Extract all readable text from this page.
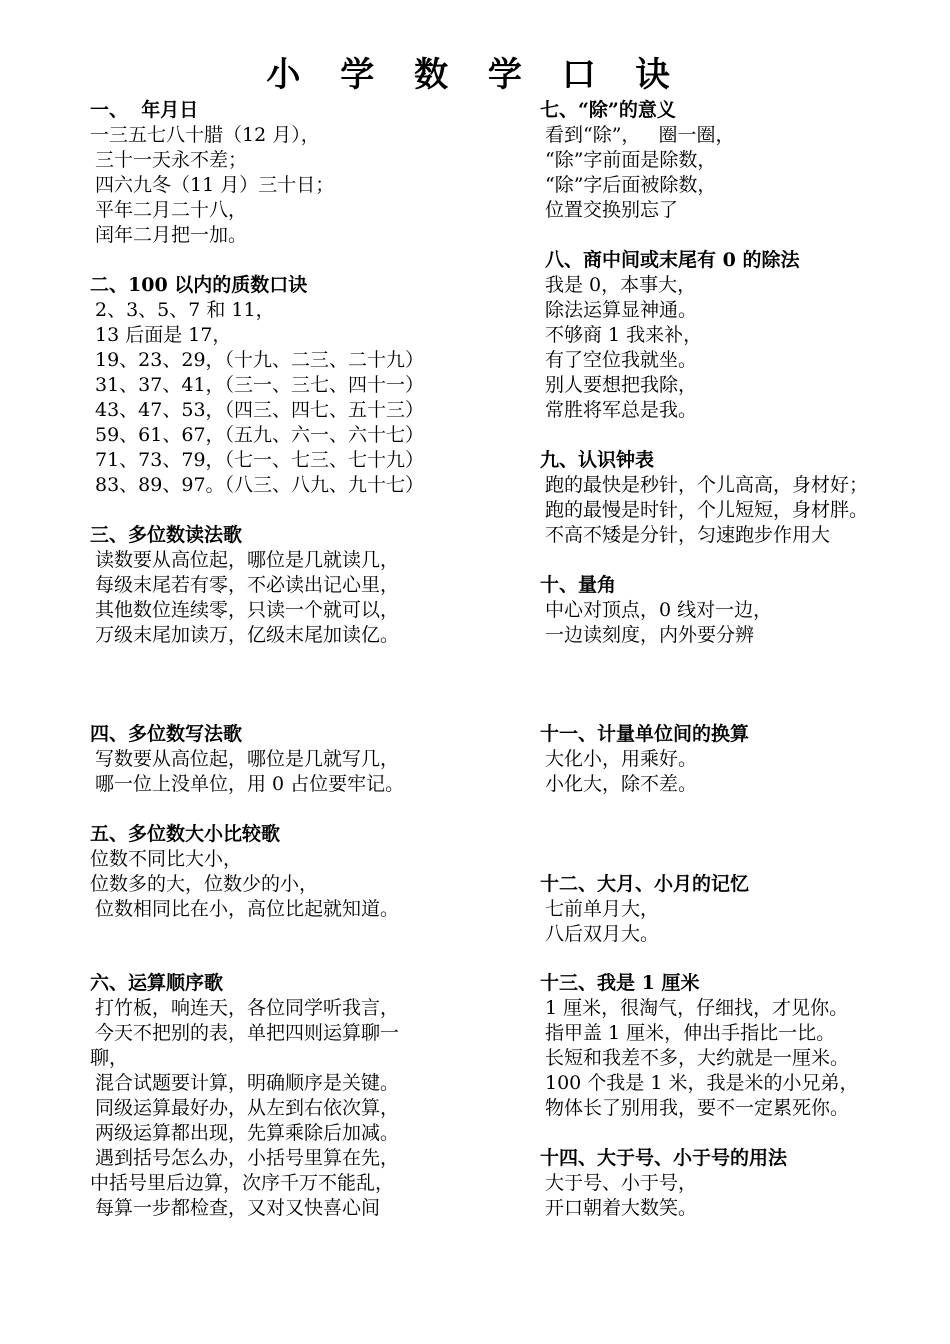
小 学 数 学 口 诀
一、  年月日
一三五七八十腊（12 月），
三十一天永不差；
四六九冬（11 月）三十日；
平年二月二十八，
闰年二月把一加。
二、100 以内的质数口诀
2、3、5、7 和 11，
13 后面是 17，
19、23、29，（十九、二三、二十九）
31、37、41，（三一、三七、四十一）
43、47、53，（四三、四七、五十三）
59、61、67，（五九、六一、六十七）
71、73、79，（七一、七三、七十九）
83、89、97。（八三、八九、九十七）
三、多位数读法歌
读数要从高位起，哪位是几就读几，
每级末尾若有零，不必读出记心里，
其他数位连续零，只读一个就可以，
万级末尾加读万，亿级末尾加读亿。
四、多位数写法歌
写数要从高位起，哪位是几就写几，
哪一位上没单位，用 0 占位要牢记。
五、多位数大小比较歌
位数不同比大小，
位数多的大，位数少的小，
位数相同比在小，高位比起就知道。
六、运算顺序歌
打竹板，响连天，各位同学听我言，
今天不把别的表，单把四则运算聊一
聊，
混合试题要计算，明确顺序是关键。
同级运算最好办，从左到右依次算，
两级运算都出现，先算乘除后加减。
遇到括号怎么办，小括号里算在先，
中括号里后边算，次序千万不能乱，
每算一步都检查，又对又快喜心间
七、“除”的意义
看到“除”，   圈一圈，
“除”字前面是除数，
“除”字后面被除数，
位置交换别忘了
八、商中间或末尾有 0 的除法
我是 0，本事大，
除法运算显神通。
不够商 1 我来补，
有了空位我就坐。
别人要想把我除，
常胜将军总是我。
九、认识钟表
跑的最快是秒针，个儿高高，身材好；
跑的最慢是时针，个儿短短，身材胖。
不高不矮是分针，匀速跑步作用大
十、量角
中心对顶点，0 线对一边，
一边读刻度，内外要分辨
十一、计量单位间的换算
大化小，用乘好。
小化大，除不差。
十二、大月、小月的记忆
七前单月大，
八后双月大。
十三、我是 1 厘米
1 厘米，很淘气，仔细找，才见你。
指甲盖 1 厘米，伸出手指比一比。
长短和我差不多，大约就是一厘米。
100 个我是 1 米，我是米的小兄弟，
物体长了别用我，要不一定累死你。
十四、大于号、小于号的用法
大于号、小于号，
开口朝着大数笑。
